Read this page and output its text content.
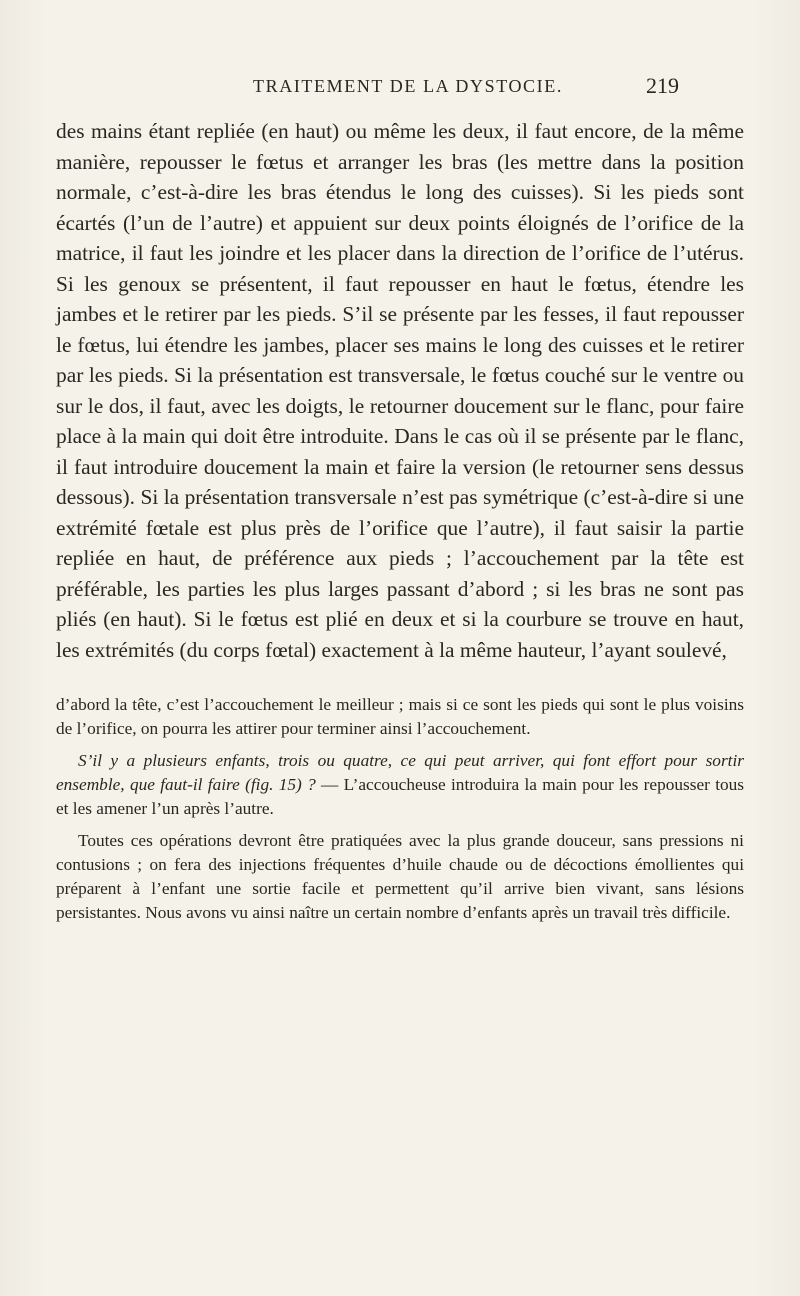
TRAITEMENT DE LA DYSTOCIE.	219

des mains étant repliée (en haut) ou même les deux, il faut encore, de la même manière, repousser le fœtus et arranger les bras (les mettre dans la position normale, c’est-à-dire les bras étendus le long des cuisses). Si les pieds sont écartés (l’un de l’autre) et appuient sur deux points éloignés de l’orifice de la matrice, il faut les joindre et les placer dans la direction de l’orifice de l’utérus. Si les genoux se présentent, il faut repousser en haut le fœtus, étendre les jambes et le retirer par les pieds. S’il se présente par les fesses, il faut repousser le fœtus, lui étendre les jambes, placer ses mains le long des cuisses et le retirer par les pieds. Si la présentation est transversale, le fœtus couché sur le ventre ou sur le dos, il faut, avec les doigts, le retourner doucement sur le flanc, pour faire place à la main qui doit être introduite. Dans le cas où il se présente par le flanc, il faut introduire doucement la main et faire la version (le retourner sens dessus dessous). Si la présentation transversale n’est pas symétrique (c’est-à-dire si une extrémité fœtale est plus près de l’orifice que l’autre), il faut saisir la partie repliée en haut, de préférence aux pieds ; l’accouchement par la tête est préférable, les parties les plus larges passant d’abord ; si les bras ne sont pas pliés (en haut). Si le fœtus est plié en deux et si la courbure se trouve en haut, les extrémités (du corps fœtal) exactement à la même hauteur, l’ayant soulevé,

d’abord la tête, c’est l’accouchement le meilleur ; mais si ce sont les pieds qui sont le plus voisins de l’orifice, on pourra les attirer pour terminer ainsi l’accouchement.

S’il y a plusieurs enfants, trois ou quatre, ce qui peut arriver, qui font effort pour sortir ensemble, que faut-il faire (fig. 15) ? — L’accoucheuse introduira la main pour les repousser tous et les amener l’un après l’autre.

Toutes ces opérations devront être pratiquées avec la plus grande douceur, sans pressions ni contusions ; on fera des injections fréquentes d’huile chaude ou de décoctions émollientes qui préparent à l’enfant une sortie facile et permettent qu’il arrive bien vivant, sans lésions persistantes. Nous avons vu ainsi naître un certain nombre d’enfants après un travail très difficile.
